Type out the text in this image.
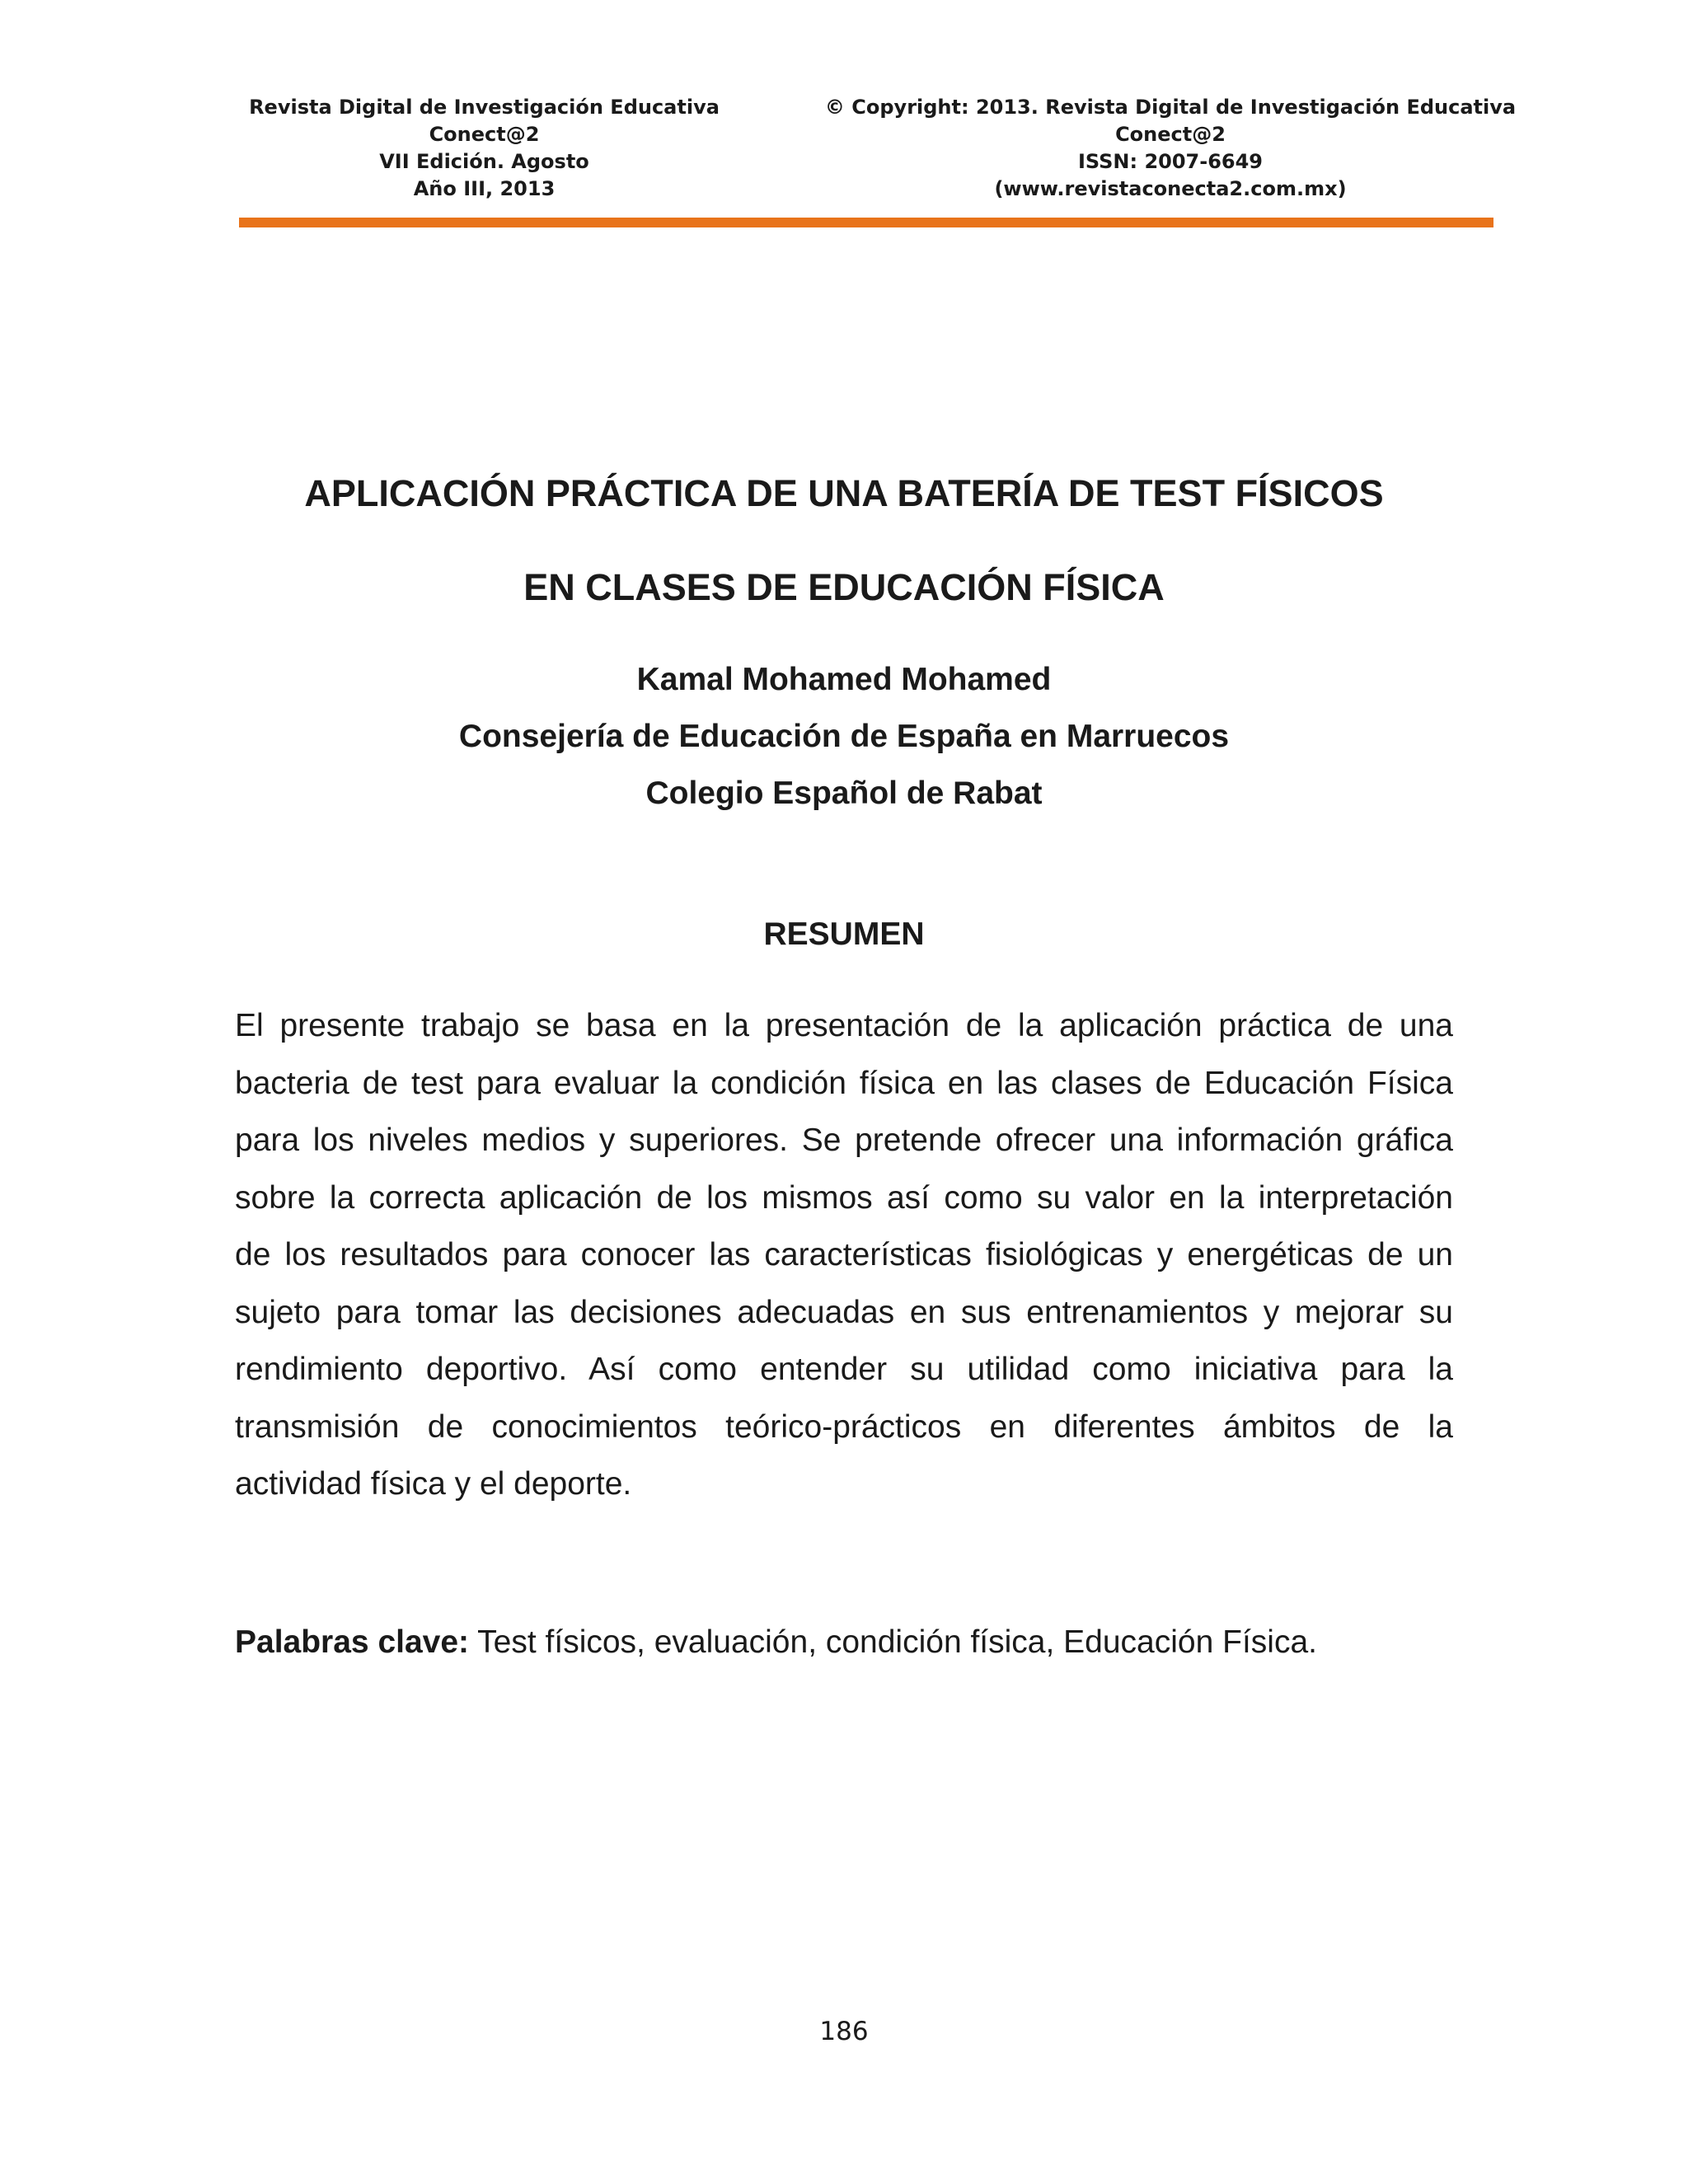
Revista Digital de Investigación Educativa
Conect@2
VII Edición. Agosto
Año III, 2013
© Copyright: 2013. Revista Digital de Investigación Educativa
Conect@2
ISSN: 2007-6649
(www.revistaconecta2.com.mx)
APLICACIÓN PRÁCTICA DE UNA BATERÍA DE TEST FÍSICOS
EN CLASES DE EDUCACIÓN FÍSICA
Kamal Mohamed Mohamed
Consejería de Educación de España en Marruecos
Colegio Español de Rabat
RESUMEN
El presente trabajo se basa en la presentación de la aplicación práctica de una
bacteria de test para evaluar la condición física en las clases de Educación Física
para los niveles medios y superiores. Se pretende ofrecer una información gráfica
sobre la correcta aplicación de los mismos así como su valor en la interpretación
de los resultados para conocer las características fisiológicas y energéticas de un
sujeto para tomar las decisiones adecuadas en sus entrenamientos y mejorar su
rendimiento deportivo. Así como entender su utilidad como iniciativa para la
transmisión de conocimientos teórico-prácticos en diferentes ámbitos de la
actividad física y el deporte.
Palabras clave: Test físicos, evaluación, condición física, Educación Física.
186
